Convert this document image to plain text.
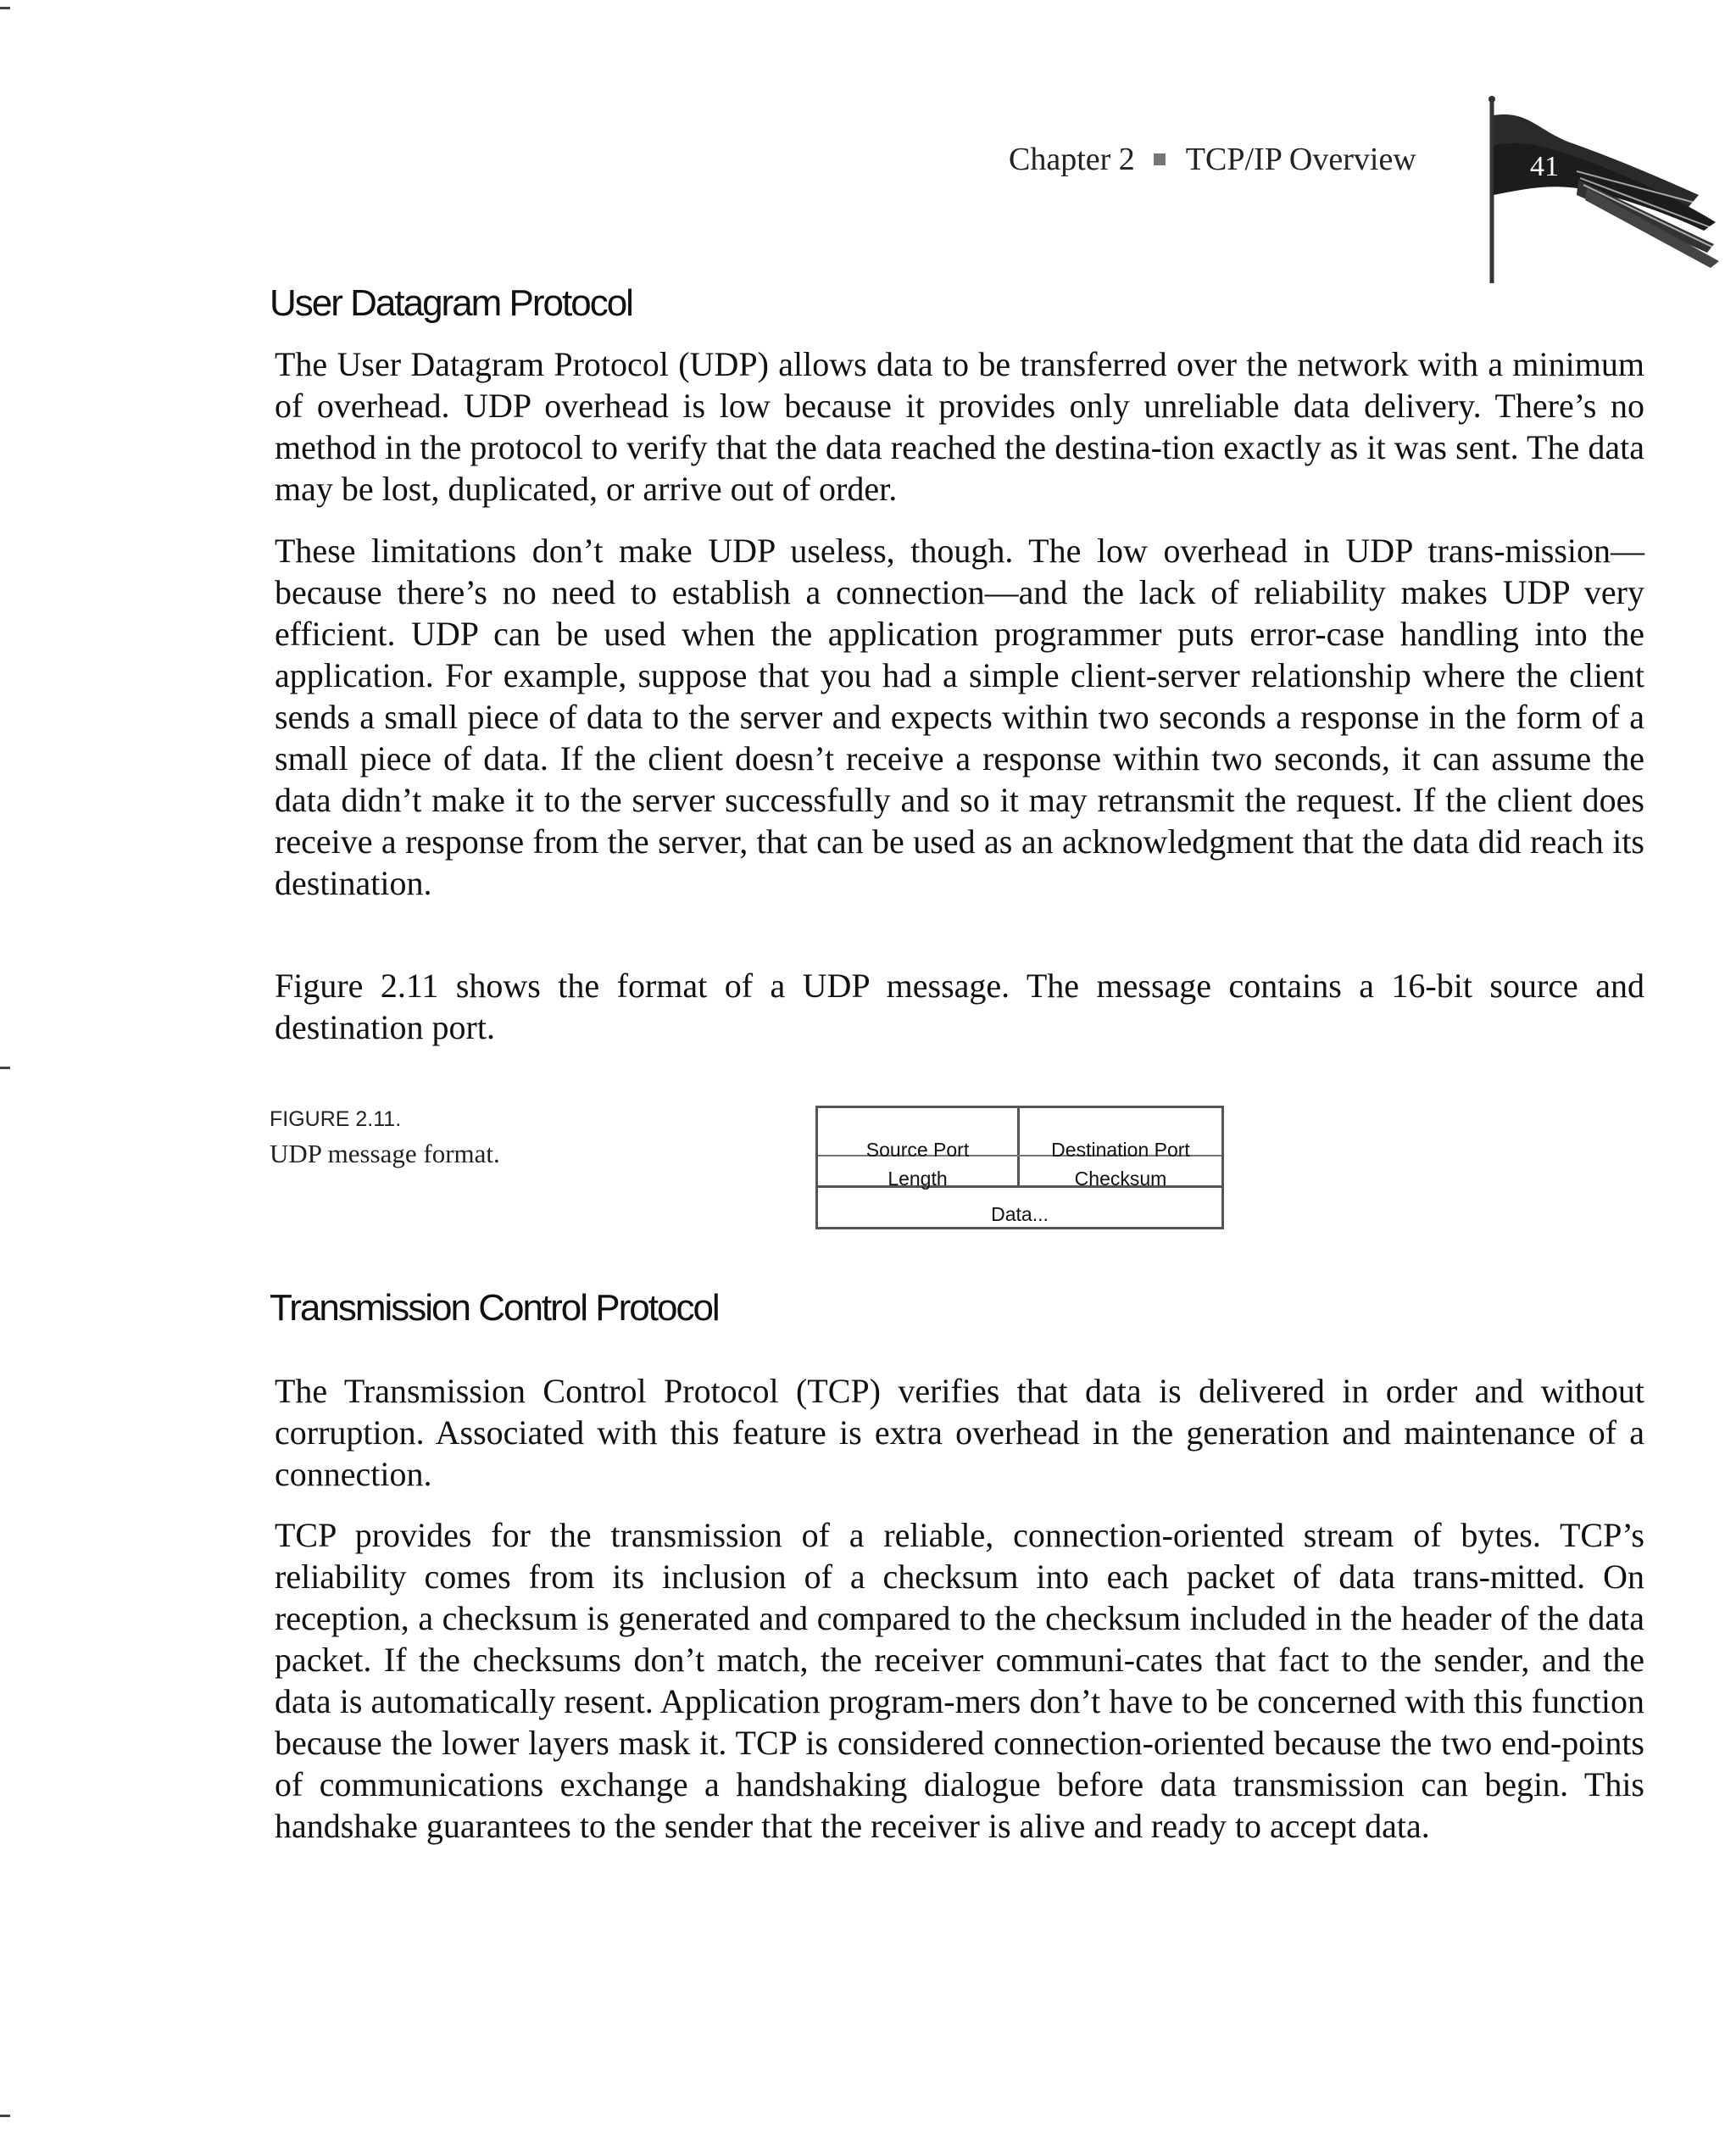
Chapter 2 TCP/IP Overview	41
User Datagram Protocol

The User Datagram Protocol (UDP) allows data to be transferred over the network with a minimum of overhead. UDP overhead is low because it provides only unreliable data delivery. There’s no method in the protocol to verify that the data reached the destina-tion exactly as it was sent. The data may be lost, duplicated, or arrive out of order.

These limitations don’t make UDP useless, though. The low overhead in UDP trans-mission—because there’s no need to establish a connection—and the lack of reliability makes UDP very efficient. UDP can be used when the application programmer puts error-case handling into the application. For example, suppose that you had a simple client-server relationship where the client sends a small piece of data to the server and expects within two seconds a response in the form of a small piece of data. If the client doesn’t receive a response within two seconds, it can assume the data didn’t make it to the server successfully and so it may retransmit the request. If the client does receive a response from the server, that can be used as an acknowledgment that the data did reach its destination.

Figure 2.11 shows the format of a UDP message. The message contains a 16-bit source and destination port.

FIGURE 2.11.
UDP message format.	Source Port	Destination Port
Length	Checksum
Data...
Transmission Control Protocol

The Transmission Control Protocol (TCP) verifies that data is delivered in order and without corruption. Associated with this feature is extra overhead in the generation and maintenance of a connection.

TCP provides for the transmission of a reliable, connection-oriented stream of bytes. TCP’s reliability comes from its inclusion of a checksum into each packet of data trans-mitted. On reception, a checksum is generated and compared to the checksum included in the header of the data packet. If the checksums don’t match, the receiver communi-cates that fact to the sender, and the data is automatically resent. Application program-mers don’t have to be concerned with this function because the lower layers mask it. TCP is considered connection-oriented because the two end-points of communications exchange a handshaking dialogue before data transmission can begin. This handshake guarantees to the sender that the receiver is alive and ready to accept data.
